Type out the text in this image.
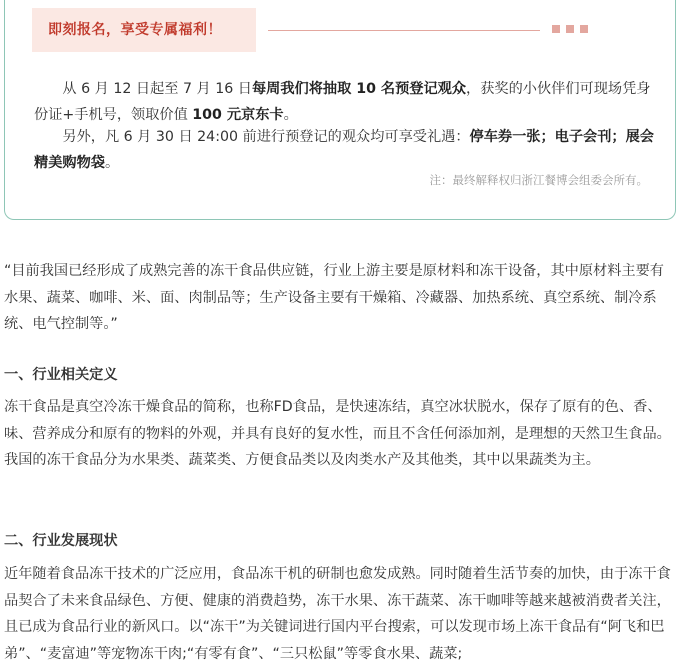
即刻报名，享受专属福利！
从 6 月 12 日起至 7 月 16 日每周我们将抽取 10 名预登记观众，获奖的小伙伴们可现场凭身份证+手机号，领取价值 100 元京东卡。
另外，凡 6 月 30 日 24:00 前进行预登记的观众均可享受礼遇：停车券一张；电子会刊；展会精美购物袋。
注：最终解释权归浙江餐博会组委会所有。
“目前我国已经形成了成熟完善的冻干食品供应链，行业上游主要是原材料和冻干设备，其中原材料主要有水果、蔬菜、咖啡、米、面、肉制品等；生产设备主要有干燥箱、冷藏器、加热系统、真空系统、制冷系统、电气控制等。”
一、行业相关定义
冻干食品是真空冷冻干燥食品的简称，也称FD食品，是快速冻结，真空冰状脱水，保存了原有的色、香、味、营养成分和原有的物料的外观，并具有良好的复水性，而且不含任何添加剂，是理想的天然卫生食品。我国的冻干食品分为水果类、蔬菜类、方便食品类以及肉类水产及其他类，其中以果蔬类为主。
二、行业发展现状
近年随着食品冻干技术的广泛应用，食品冻干机的研制也愈发成熟。同时随着生活节奏的加快，由于冻干食品契合了未来食品绿色、方便、健康的消费趋势，冻干水果、冻干蔬菜、冻干咖啡等越来越被消费者关注，且已成为食品行业的新风口。以“冻干”为关键词进行国内平台搜索，可以发现市场上冻干食品有“阿飞和巴弟”、“麦富迪”等宠物冻干肉;“有零有食”、“三只松鼠”等零食水果、蔬菜;
